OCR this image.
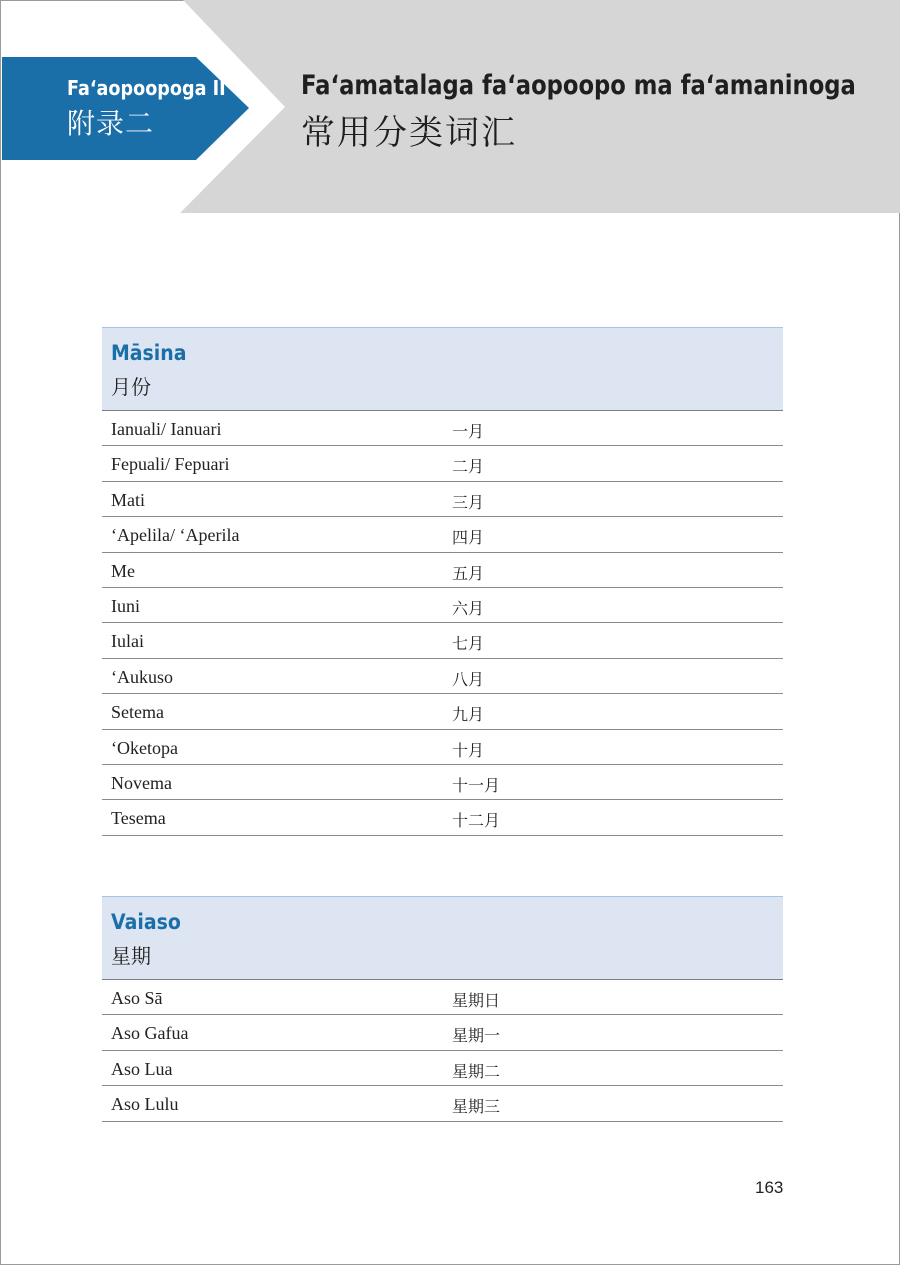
Faʻaopoopoga II
附录二
Faʻamatalaga faʻaopoopo ma faʻamaninoga
常用分类词汇
Māsina
月份
Ianuali/ Ianuari	一月
Fepuali/ Fepuari	二月
Mati	三月
ʻApelila/ ʻAperila	四月
Me	五月
Iuni	六月
Iulai	七月
ʻAukuso	八月
Setema	九月
ʻOketopa	十月
Novema	十一月
Tesema	十二月
Vaiaso
星期
Aso Sā	星期日
Aso Gafua	星期一
Aso Lua	星期二
Aso Lulu	星期三
163
